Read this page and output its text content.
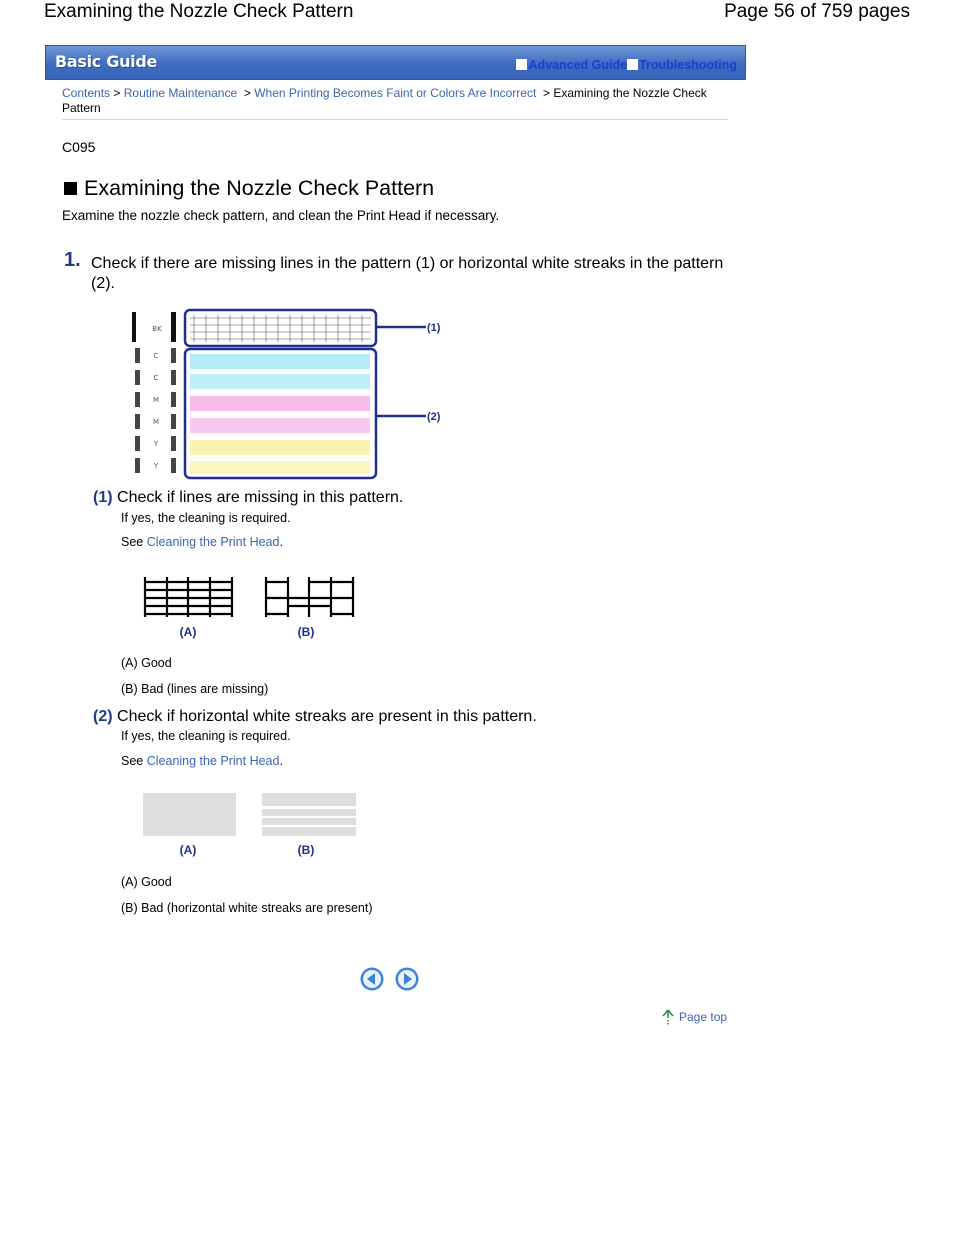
Examining the Nozzle Check Pattern	Page 56 of 759 pages
Basic Guide	Advanced Guide Troubleshooting
Contents > Routine Maintenance > When Printing Becomes Faint or Colors Are Incorrect > Examining the Nozzle Check Pattern
C095
Examining the Nozzle Check Pattern
Examine the nozzle check pattern, and clean the Print Head if necessary.
1. Check if there are missing lines in the pattern (1) or horizontal white streaks in the pattern (2).
BK
C
C
M
M
Y
Y
(1)
(2)
(1) Check if lines are missing in this pattern.
If yes, the cleaning is required.
See Cleaning the Print Head.
(A)	(B)
(A) Good
(B) Bad (lines are missing)
(2) Check if horizontal white streaks are present in this pattern.
If yes, the cleaning is required.
See Cleaning the Print Head.
(A)	(B)
(A) Good
(B) Bad (horizontal white streaks are present)
Page top
